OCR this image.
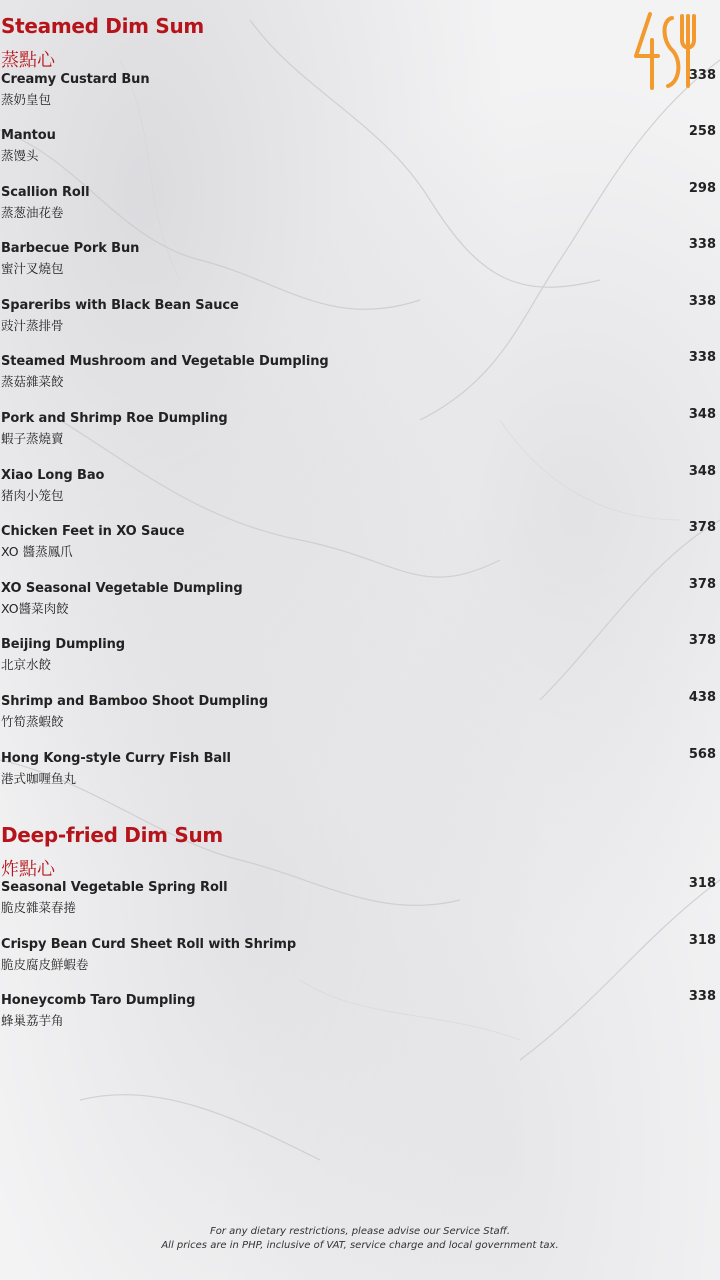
Steamed Dim Sum
蒸點心
Creamy Custard Bun
蒸奶皇包
338
Mantou
蒸馒头
258
Scallion Roll
蒸葱油花卷
298
Barbecue Pork Bun
蜜汁叉燒包
338
Spareribs with Black Bean Sauce
豉汁蒸排骨
338
Steamed Mushroom and Vegetable Dumpling
蒸菇雜菜餃
338
Pork and Shrimp Roe Dumpling
蝦子蒸燒賣
348
Xiao Long Bao
猪肉小笼包
348
Chicken Feet in XO Sauce
XO 醬蒸鳳爪
378
XO Seasonal Vegetable Dumpling
XO醬菜肉餃
378
Beijing Dumpling
北京水餃
378
Shrimp and Bamboo Shoot Dumpling
竹筍蒸蝦餃
438
Hong Kong-style Curry Fish Ball
港式咖喱鱼丸
568
Deep-fried Dim Sum
炸點心
Seasonal Vegetable Spring Roll
脆皮雜菜春捲
318
Crispy Bean Curd Sheet Roll with Shrimp
脆皮腐皮鮮蝦卷
318
Honeycomb Taro Dumpling
蜂巢荔芋角
338
For any dietary restrictions, please advise our Service Staff.
All prices are in PHP, inclusive of VAT, service charge and local government tax.
